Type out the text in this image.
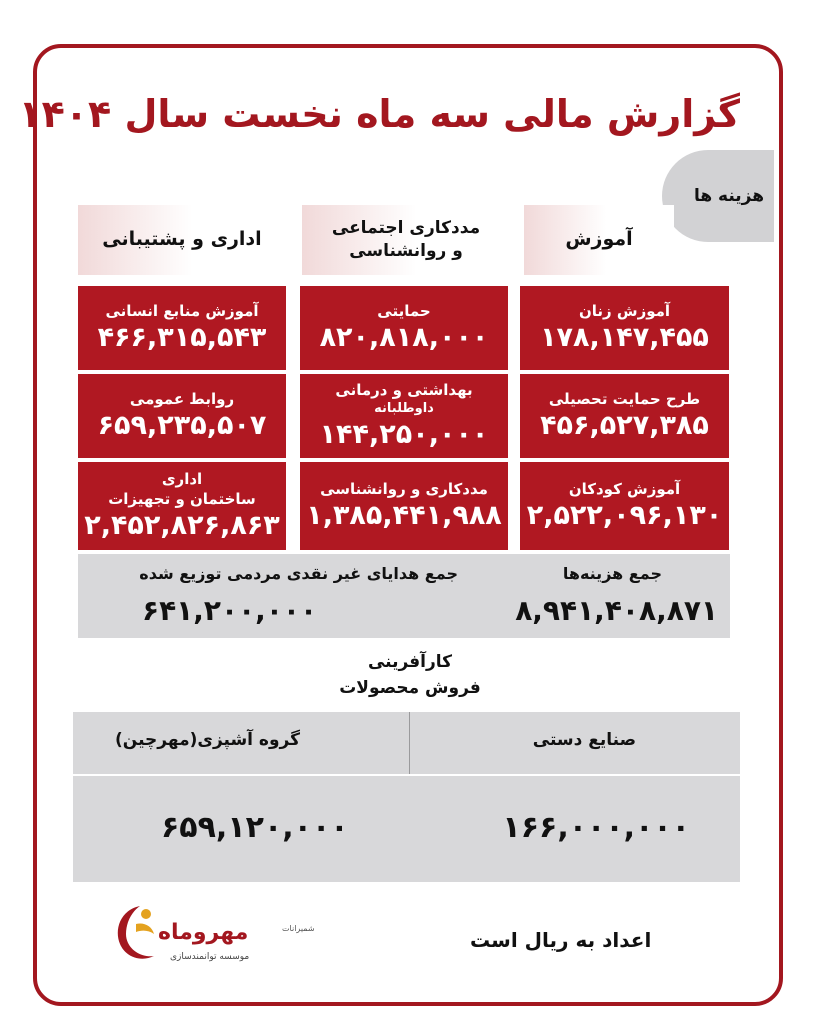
گزارش مالی سه ماه نخست سال ۱۴۰۴
هزینه ها
آموزش
مددکاری اجتماعی
و روانشناسی
اداری و پشتیبانی
آموزش زنان
۱۷۸,۱۴۷,۴۵۵
طرح حمایت تحصیلی
۴۵۶,۵۲۷,۳۸۵
آموزش کودکان
۲,۵۲۲,۰۹۶,۱۳۰
حمایتی
۸۲۰,۸۱۸,۰۰۰
بهداشتی و درمانی
داوطلبانه
۱۴۴,۲۵۰,۰۰۰
مددکاری و روانشناسی
۱,۳۸۵,۴۴۱,۹۸۸
آموزش منابع انسانی
۴۶۶,۳۱۵,۵۴۳
روابط عمومی
۶۵۹,۲۳۵,۵۰۷
اداری
ساختمان و تجهیزات
۲,۴۵۲,۸۲۶,۸۶۳
جمع هزینه‌ها
۸,۹۴۱,۴۰۸,۸۷۱
جمع هدایای غیر نقدی مردمی توزیع شده
۶۴۱,۲۰۰,۰۰۰
کارآفرینی
فروش محصولات
صنایع دستی
گروه آشپزی(مهرچین)
۱۶۶,۰۰۰,۰۰۰
۶۵۹,۱۲۰,۰۰۰
مهروماه	شمیرانات
موسسه توانمندسازی
اعداد به ریال است
